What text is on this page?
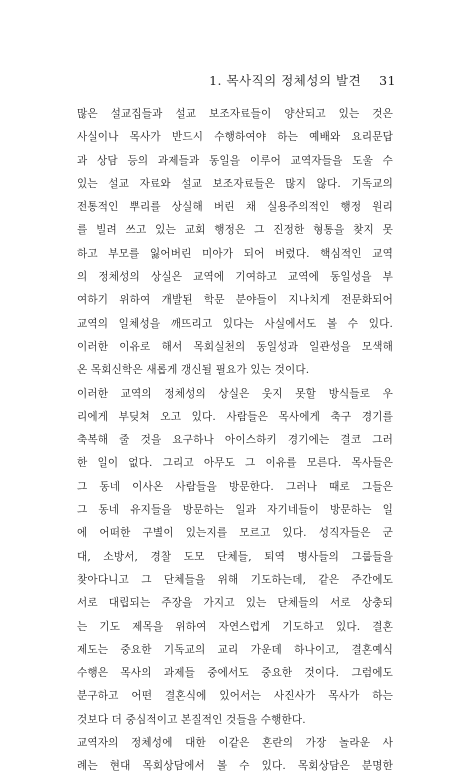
1. 목사직의 정체성의 발견 31
많은 설교집들과 설교 보조자료들이 양산되고 있는 것은
사실이나 목사가 반드시 수행하여야 하는 예배와 요리문답
과 상담 등의 과제들과 동일을 이루어 교역자들을 도울 수
있는 설교 자료와 설교 보조자료들은 많지 않다. 기독교의
전통적인 뿌리를 상실해 버린 채 실용주의적인 행정 원리
를 빌려 쓰고 있는 교회 행정은 그 진정한 형통을 찾지 못
하고 부모를 잃어버린 미아가 되어 버렸다. 핵심적인 교역
의 정체성의 상실은 교역에 기여하고 교역에 동일성을 부
여하기 위하여 개발된 학문 분야들이 지나치게 전문화되어
교역의 일체성을 깨뜨리고 있다는 사실에서도 볼 수 있다.
이러한 이유로 해서 목회실천의 동일성과 일관성을 모색해
온 목회신학은 새롭게 갱신될 필요가 있는 것이다.
이러한 교역의 정체성의 상실은 웃지 못할 방식들로 우
리에게 부딪쳐 오고 있다. 사람들은 목사에게 축구 경기를
축복해 줄 것을 요구하나 아이스하키 경기에는 결코 그러
한 일이 없다. 그리고 아무도 그 이유를 모른다. 목사들은
그 동네 이사온 사람들을 방문한다. 그러나 때로 그들은
그 동네 유지들을 방문하는 일과 자기네들이 방문하는 일
에 어떠한 구별이 있는지를 모르고 있다. 성직자들은 군
대, 소방서, 경찰 도모 단체들, 퇴역 병사들의 그룹들을
찾아다니고 그 단체들을 위해 기도하는데, 같은 주간에도
서로 대립되는 주장을 가지고 있는 단체들의 서로 상충되
는 기도 제목을 위하여 자연스럽게 기도하고 있다. 결혼
제도는 중요한 기독교의 교리 가운데 하나이고, 결혼예식
수행은 목사의 과제들 중에서도 중요한 것이다. 그럼에도
분구하고 어떤 결혼식에 있어서는 사진사가 목사가 하는
것보다 더 중심적이고 본질적인 것들을 수행한다.
교역자의 정체성에 대한 이같은 혼란의 가장 놀라운 사
례는 현대 목회상담에서 볼 수 있다. 목회상담은 분명한
